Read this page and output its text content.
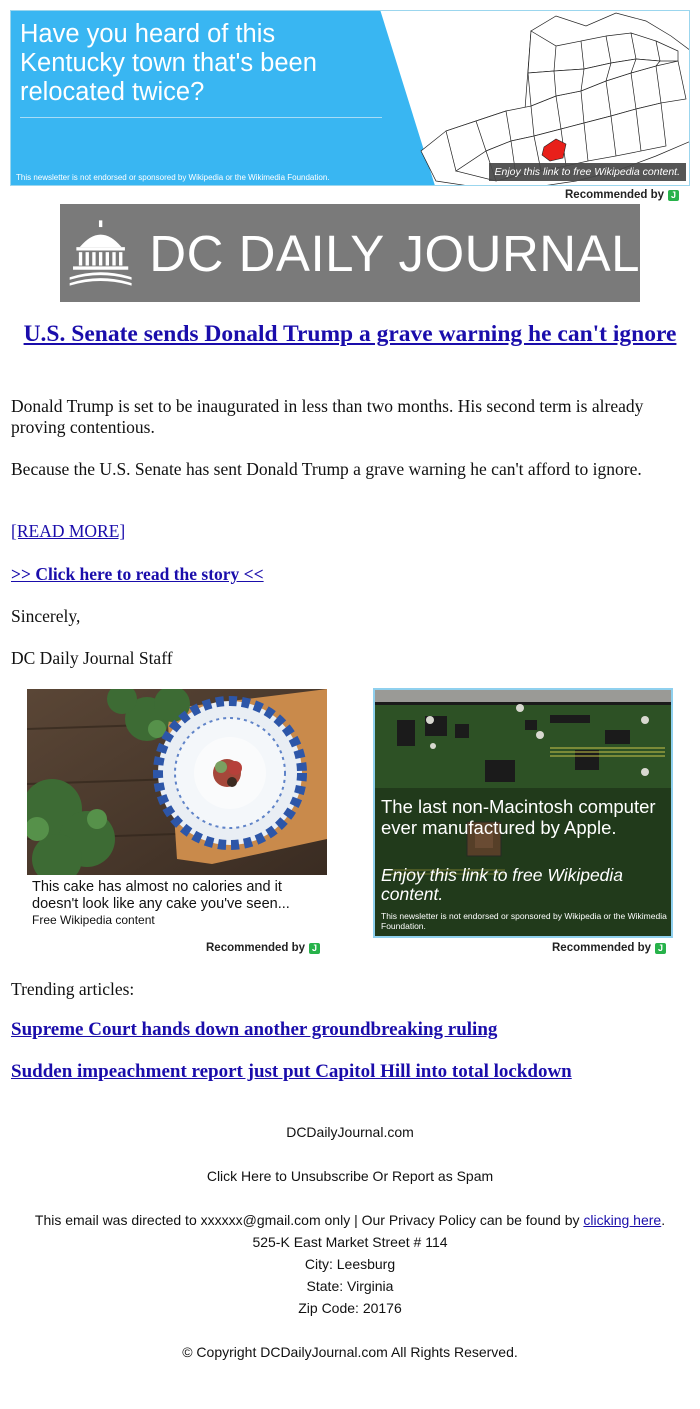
Have you heard of this Kentucky town that's been relocated twice?
This newsletter is not endorsed or sponsored by Wikipedia or the Wikimedia Foundation.	Enjoy this link to free Wikipedia content.
Recommended by J
DC DAILY JOURNAL
U.S. Senate sends Donald Trump a grave warning he can't ignore
Donald Trump is set to be inaugurated in less than two months. His second term is already proving contentious.
Because the U.S. Senate has sent Donald Trump a grave warning he can't afford to ignore.
[READ MORE]
>> Click here to read the story <<
Sincerely,
DC Daily Journal Staff
This cake has almost no calories and it doesn't look like any cake you've seen...
Free Wikipedia content
Recommended by J
The last non-Macintosh computer ever manufactured by Apple.
Enjoy this link to free Wikipedia content.
This newsletter is not endorsed or sponsored by Wikipedia or the Wikimedia Foundation.
Recommended by J
Trending articles:
Supreme Court hands down another groundbreaking ruling
Sudden impeachment report just put Capitol Hill into total lockdown
DCDailyJournal.com
Click Here to Unsubscribe Or Report as Spam
This email was directed to xxxxxx@gmail.com only | Our Privacy Policy can be found by clicking here.
525-K East Market Street # 114
City: Leesburg
State: Virginia
Zip Code: 20176
© Copyright DCDailyJournal.com All Rights Reserved.
